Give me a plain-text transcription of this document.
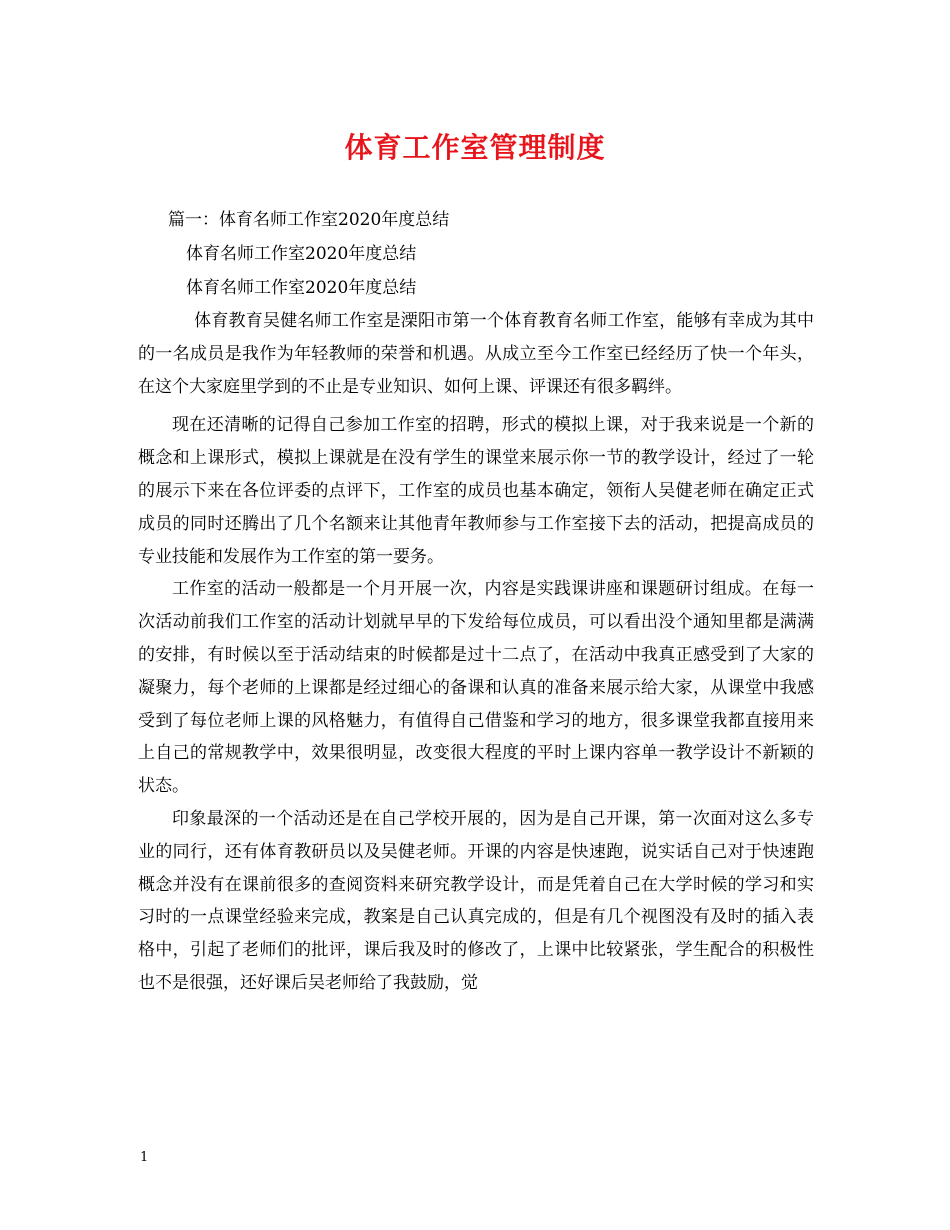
体育工作室管理制度
篇一：体育名师工作室2020年度总结
体育名师工作室2020年度总结
体育名师工作室2020年度总结

体育教育吴健名师工作室是溧阳市第一个体育教育名师工作室，能够有幸成为其中的一名成员是我作为年轻教师的荣誉和机遇。从成立至今工作室已经经历了快一个年头，在这个大家庭里学到的不止是专业知识、如何上课、评课还有很多羁绊。

现在还清晰的记得自己参加工作室的招聘，形式的模拟上课，对于我来说是一个新的概念和上课形式，模拟上课就是在没有学生的课堂来展示你一节的教学设计，经过了一轮的展示下来在各位评委的点评下，工作室的成员也基本确定，领衔人吴健老师在确定正式成员的同时还腾出了几个名额来让其他青年教师参与工作室接下去的活动，把提高成员的专业技能和发展作为工作室的第一要务。

工作室的活动一般都是一个月开展一次，内容是实践课讲座和课题研讨组成。在每一次活动前我们工作室的活动计划就早早的下发给每位成员，可以看出没个通知里都是满满的安排，有时候以至于活动结束的时候都是过十二点了，在活动中我真正感受到了大家的凝聚力，每个老师的上课都是经过细心的备课和认真的准备来展示给大家，从课堂中我感受到了每位老师上课的风格魅力，有值得自己借鉴和学习的地方，很多课堂我都直接用来上自己的常规教学中，效果很明显，改变很大程度的平时上课内容单一教学设计不新颖的状态。

印象最深的一个活动还是在自己学校开展的，因为是自己开课，第一次面对这么多专业的同行，还有体育教研员以及吴健老师。开课的内容是快速跑，说实话自己对于快速跑概念并没有在课前很多的查阅资料来研究教学设计，而是凭着自己在大学时候的学习和实习时的一点课堂经验来完成，教案是自己认真完成的，但是有几个视图没有及时的插入表格中，引起了老师们的批评，课后我及时的修改了，上课中比较紧张，学生配合的积极性也不是很强，还好课后吴老师给了我鼓励，觉

1
